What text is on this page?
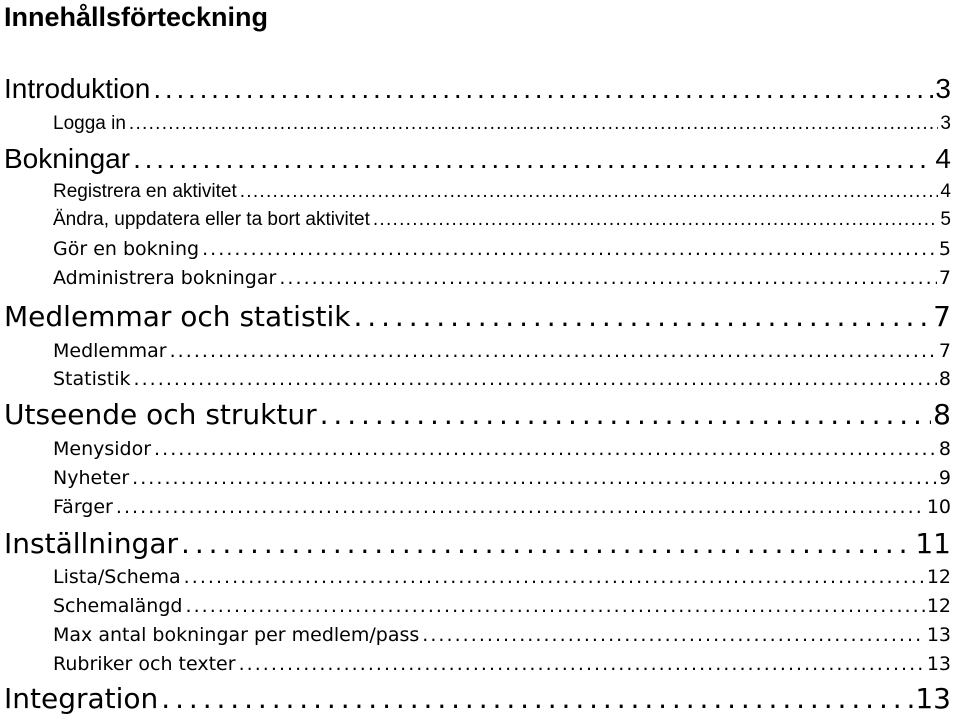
Innehållsförteckning
Introduktion . . .	3
Logga in . . .	3
Bokningar . . .	4
Registrera en aktivitet . . .	4
Ändra, uppdatera eller ta bort aktivitet . . .	5
Gör en bokning . . .	5
Administrera bokningar . . .	7
Medlemmar och statistik . . .	7
Medlemmar . . .	7
Statistik . . .	8
Utseende och struktur . . .	8
Menysidor . . .	8
Nyheter . . .	9
Färger . . .	10
Inställningar . . .	11
Lista/Schema . . .	12
Schemalängd . . .	12
Max antal bokningar per medlem/pass . . .	13
Rubriker och texter . . .	13
Integration . . .	13
